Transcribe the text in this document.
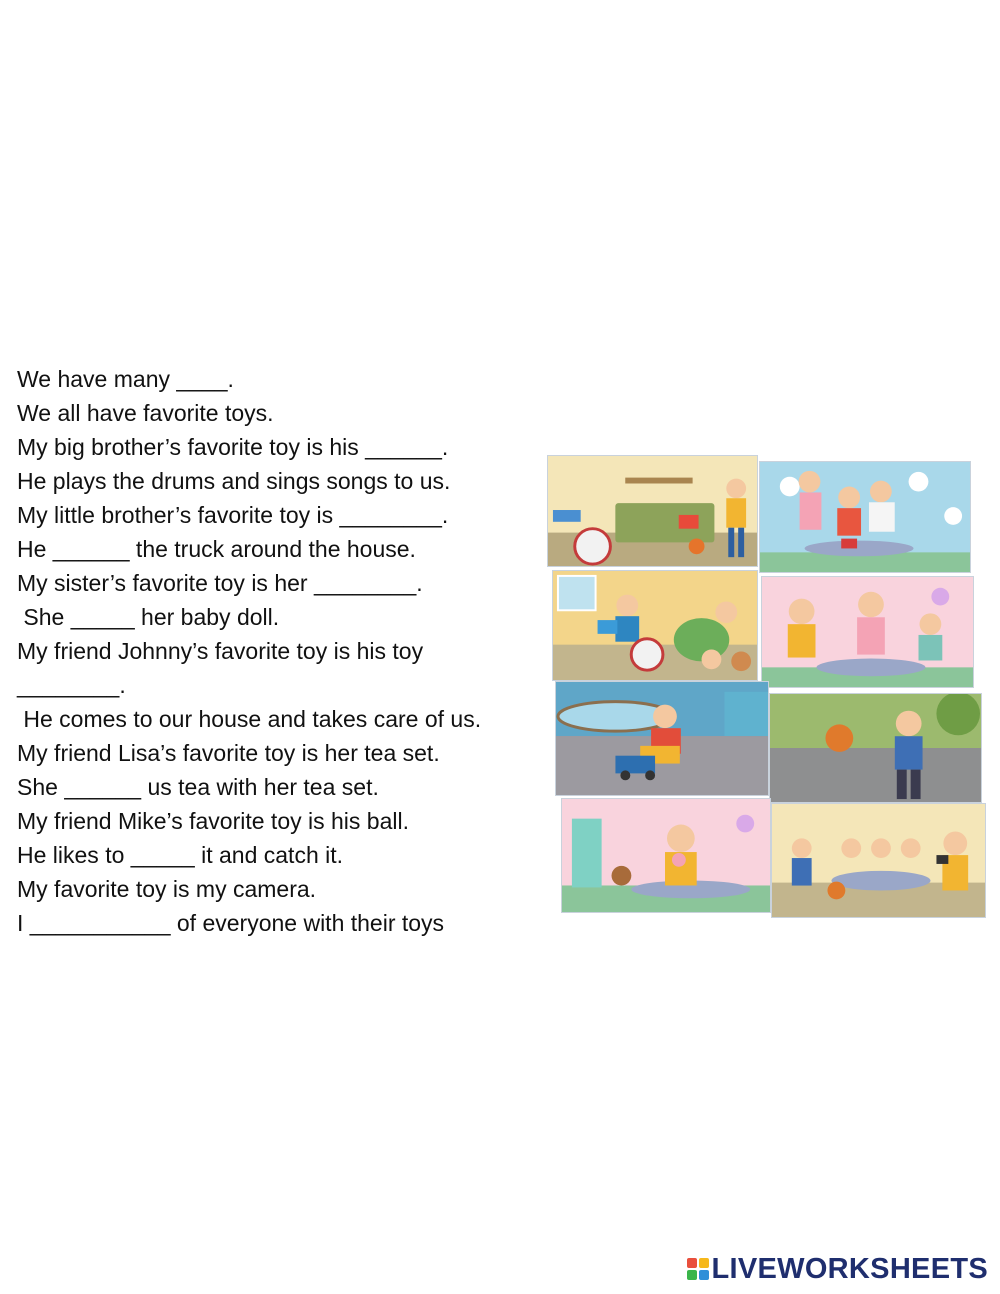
We have many ____.
We all have favorite toys.
My big brother’s favorite toy is his ______.
He plays the drums and sings songs to us.
My little brother’s favorite toy is ________.
He ______ the truck around the house.
My sister’s favorite toy is her ________.
She _____ her baby doll.
My friend Johnny’s favorite toy is his toy
________.
He comes to our house and takes care of us.
My friend Lisa’s favorite toy is her tea set.
She ______ us tea with her tea set.
My friend Mike’s favorite toy is his ball.
He likes to _____ it and catch it.
My favorite toy is my camera.
I ___________ of everyone with their toys
LIVEWORKSHEETS
